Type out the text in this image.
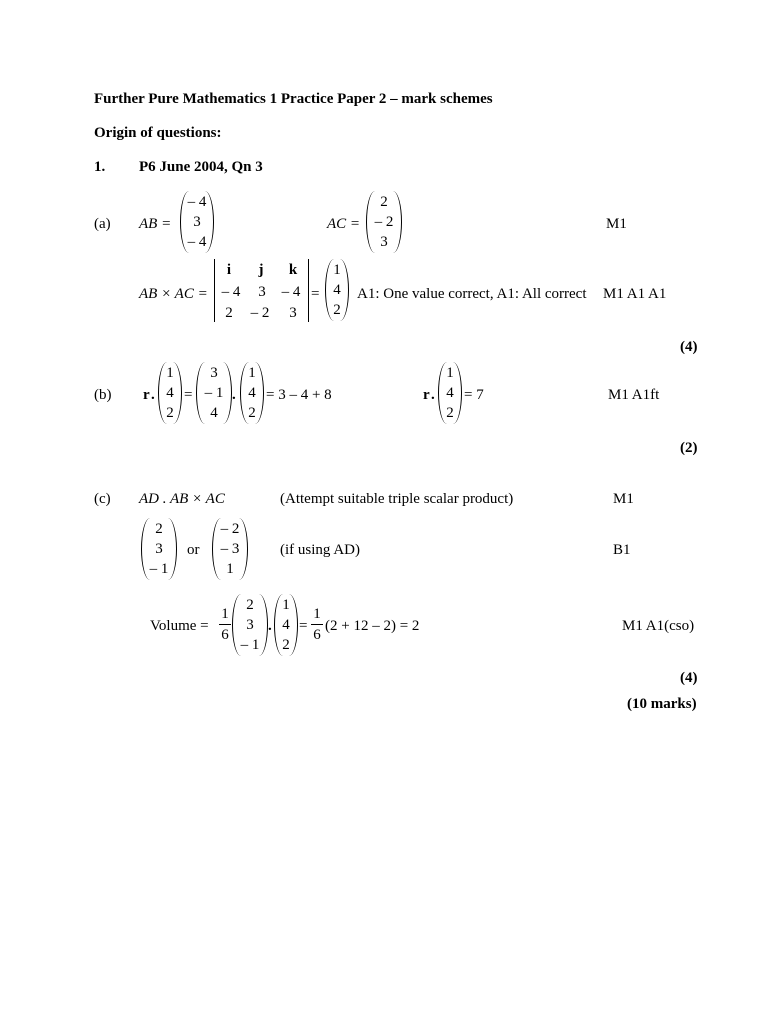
Further Pure Mathematics 1 Practice Paper 2 – mark schemes
Origin of questions:
1. P6 June 2004, Qn 3
(a) AB =
– 4
3
– 4
AC =
2
– 2
3
M1
AB × AC =
i	j	k
– 4	3	– 4
2	– 2	3
=
1
4
2
A1: One value correct, A1: All correct M1 A1 A1
(4)
(b) r .
1
4
2
=
3
– 1
4
.
1
4
2
= 3 – 4 + 8	r .
1
4
2
= 7	M1 A1ft
(2)
(c) AD . AB × AC	(Attempt suitable triple scalar product)	M1
2
3
– 1
or
– 2
– 3
1
(if using AD)	B1
Volume =
1
6
2
3
– 1
.
1
4
2
=
1
6
(2 + 12 – 2) = 2	M1 A1(cso)
(4)
(10 marks)
